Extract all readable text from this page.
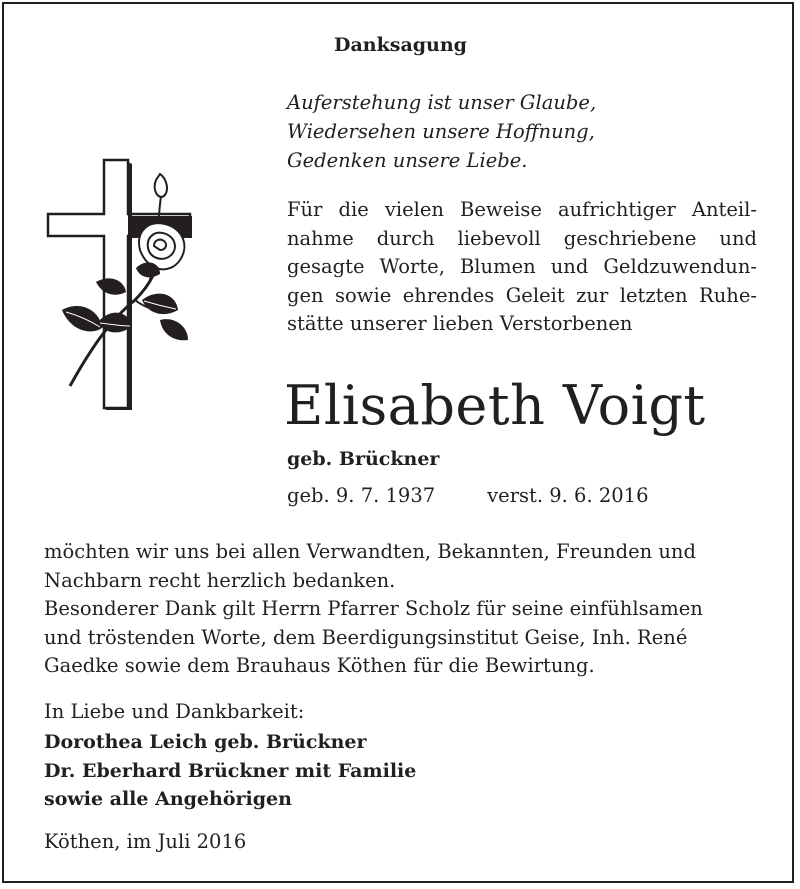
Danksagung
Auferstehung ist unser Glaube,
Wiedersehen unsere Hoffnung,
Gedenken unsere Liebe.
Für die vielen Beweise aufrichtiger Anteil-
nahme durch liebevoll geschriebene und
gesagte Worte, Blumen und Geldzuwendun-
gen sowie ehrendes Geleit zur letzten Ruhe-
stätte unserer lieben Verstorbenen
Elisabeth Voigt
geb. Brückner
geb. 9. 7. 1937	verst. 9. 6. 2016
möchten wir uns bei allen Verwandten, Bekannten, Freunden und
Nachbarn recht herzlich bedanken.
Besonderer Dank gilt Herrn Pfarrer Scholz für seine einfühlsamen
und tröstenden Worte, dem Beerdigungsinstitut Geise, Inh. René
Gaedke sowie dem Brauhaus Köthen für die Bewirtung.
In Liebe und Dankbarkeit:
Dorothea Leich geb. Brückner
Dr. Eberhard Brückner mit Familie
sowie alle Angehörigen
Köthen, im Juli 2016
